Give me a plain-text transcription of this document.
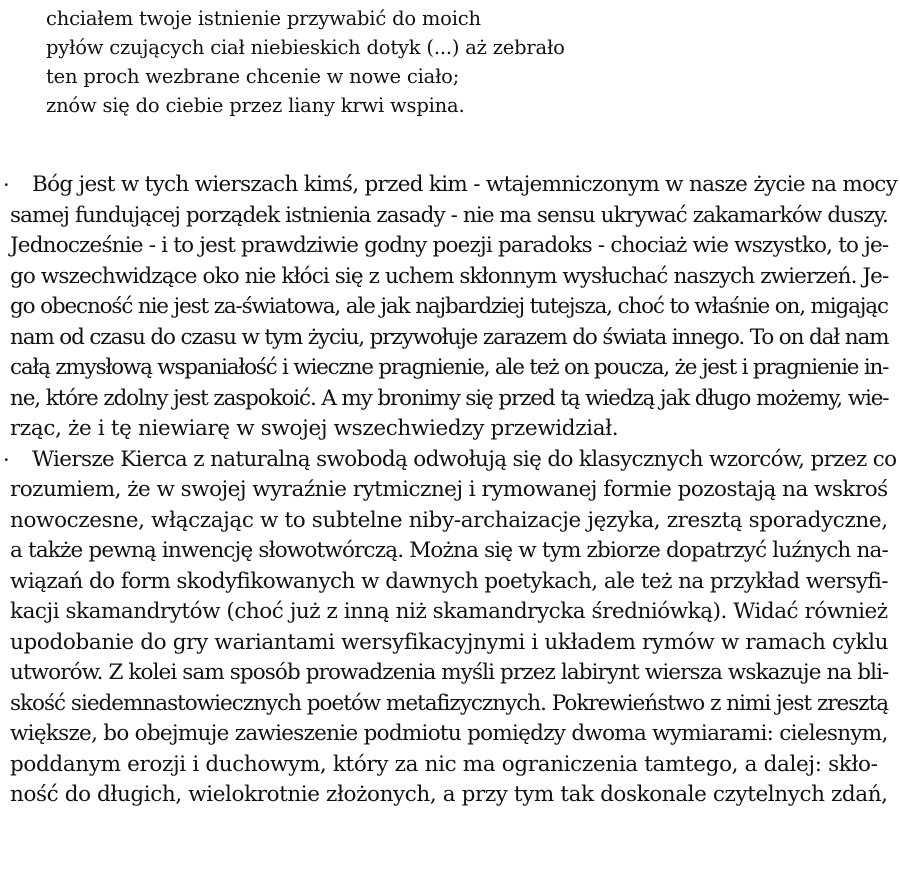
chciałem twoje istnienie przywabić do moich
pyłów czujących ciał niebieskich dotyk (...) aż zebrało
ten proch wezbrane chcenie w nowe ciało;
znów się do ciebie przez liany krwi wspina.
· Bóg jest w tych wierszach kimś, przed kim - wtajemniczonym w nasze życie na mocy
samej fundującej porządek istnienia zasady - nie ma sensu ukrywać zakamarków duszy.
Jednocześnie - i to jest prawdziwie godny poezji paradoks - chociaż wie wszystko, to je-
go wszechwidzące oko nie kłóci się z uchem skłonnym wysłuchać naszych zwierzeń. Je-
go obecność nie jest za-światowa, ale jak najbardziej tutejsza, choć to właśnie on, migając
nam od czasu do czasu w tym życiu, przywołuje zarazem do świata innego. To on dał nam
całą zmysłową wspaniałość i wieczne pragnienie, ale też on poucza, że jest i pragnienie in-
ne, które zdolny jest zaspokoić. A my bronimy się przed tą wiedzą jak długo możemy, wie-
rząc, że i tę niewiarę w swojej wszechwiedzy przewidział.
· Wiersze Kierca z naturalną swobodą odwołują się do klasycznych wzorców, przez co
rozumiem, że w swojej wyraźnie rytmicznej i rymowanej formie pozostają na wskroś
nowoczesne, włączając w to subtelne niby-archaizacje języka, zresztą sporadyczne,
a także pewną inwencję słowotwórczą. Można się w tym zbiorze dopatrzyć luźnych na-
wiązań do form skodyfikowanych w dawnych poetykach, ale też na przykład wersyfi-
kacji skamandrytów (choć już z inną niż skamandrycka średniówką). Widać również
upodobanie do gry wariantami wersyfikacyjnymi i układem rymów w ramach cyklu
utworów. Z kolei sam sposób prowadzenia myśli przez labirynt wiersza wskazuje na bli-
skość siedemnastowiecznych poetów metafizycznych. Pokrewieństwo z nimi jest zresztą
większe, bo obejmuje zawieszenie podmiotu pomiędzy dwoma wymiarami: cielesnym,
poddanym erozji i duchowym, który za nic ma ograniczenia tamtego, a dalej: skło-
ność do długich, wielokrotnie złożonych, a przy tym tak doskonale czytelnych zdań,
